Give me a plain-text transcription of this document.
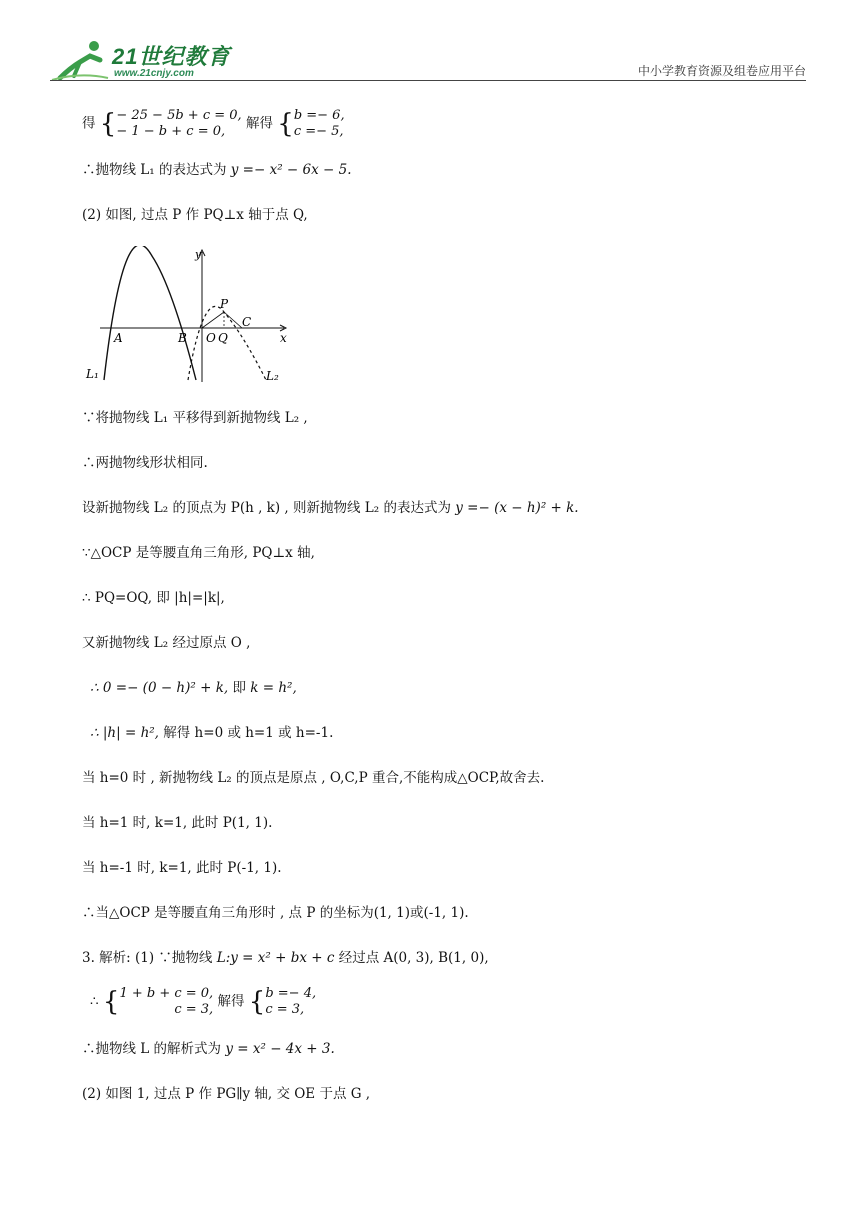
21世纪教育
www.21cnjy.com	中小学教育资源及组卷应用平台
得 { − 25 − 5b + c = 0,
− 1 − b + c = 0,	解得 { b =− 6,
c =− 5,
∴抛物线 L₁ 的表达式为 y =− x² − 6x − 5.
(2) 如图, 过点 P 作 PQ⊥x 轴于点 Q,
∵将抛物线 L₁ 平移得到新抛物线 L₂ ,
∴两抛物线形状相同.
设新抛物线 L₂ 的顶点为 P(h , k) , 则新抛物线 L₂ 的表达式为 y =− (x − h)² + k.
∵△OCP 是等腰直角三角形, PQ⊥x 轴,
∴ PQ=OQ, 即 |h|=|k|,
又新抛物线 L₂ 经过原点 O ,
∴ 0 =− (0 − h)² + k, 即 k = h²,
∴ |h| = h², 解得 h=0 或 h=1 或 h=-1.
当 h=0 时 , 新抛物线 L₂ 的顶点是原点 , O,C,P 重合,不能构成△OCP,故舍去.
当 h=1 时, k=1, 此时 P(1, 1).
当 h=-1 时, k=1, 此时 P(-1, 1).
∴当△OCP 是等腰直角三角形时 , 点 P 的坐标为(1, 1)或(-1, 1).
3. 解析: (1) ∵抛物线 L:y = x² + bx + c 经过点 A(0, 3), B(1, 0),
∴ { 1 + b + c = 0,
c = 3, 解得 { b =− 4,
c = 3,
∴抛物线 L 的解析式为 y = x² − 4x + 3.
(2) 如图 1, 过点 P 作 PG∥y 轴, 交 OE 于点 G ,
y
x
A	B O Q
P
C
L₁	L₂
